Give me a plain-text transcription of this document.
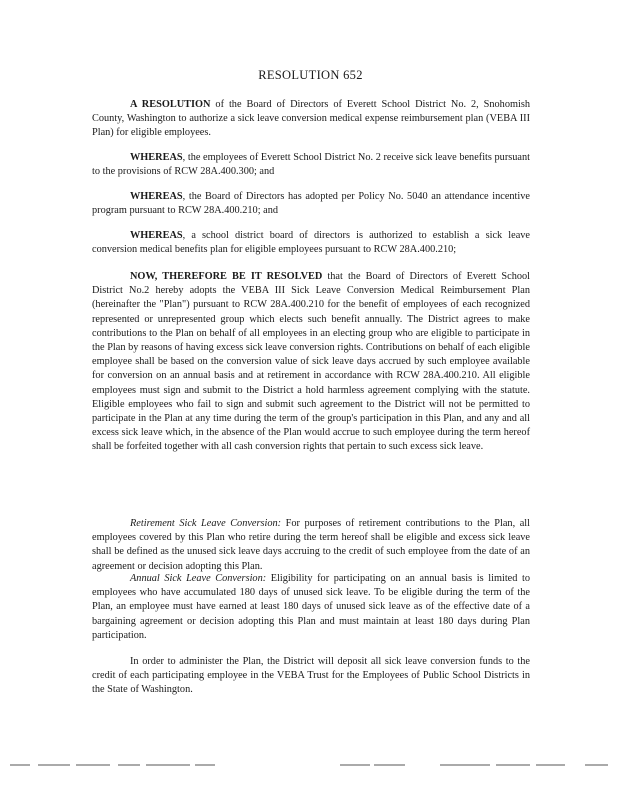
RESOLUTION 652

A RESOLUTION of the Board of Directors of Everett School District No. 2, Snohomish County, Washington to authorize a sick leave conversion medical expense reimbursement plan (VEBA III Plan) for eligible employees.

WHEREAS, the employees of Everett School District No. 2 receive sick leave benefits pursuant to the provisions of RCW 28A.400.300; and

WHEREAS, the Board of Directors has adopted per Policy No. 5040 an attendance incentive program pursuant to RCW 28A.400.210; and

WHEREAS, a school district board of directors is authorized to establish a sick leave conversion medical benefits plan for eligible employees pursuant to RCW 28A.400.210;

NOW, THEREFORE BE IT RESOLVED that the Board of Directors of Everett School District No.2 hereby adopts the VEBA III Sick Leave Conversion Medical Reimbursement Plan (hereinafter the "Plan") pursuant to RCW 28A.400.210 for the benefit of employees of each recognized represented or unrepresented group which elects such benefit annually. The District agrees to make contributions to the Plan on behalf of all employees in an electing group who are eligible to participate in the Plan by reasons of having excess sick leave conversion rights. Contributions on behalf of each eligible employee shall be based on the conversion value of sick leave days accrued by such employee available for conversion on an annual basis and at retirement in accordance with RCW 28A.400.210. All eligible employees must sign and submit to the District a hold harmless agreement complying with the statute. Eligible employees who fail to sign and submit such agreement to the District will not be permitted to participate in the Plan at any time during the term of the group's participation in this Plan, and any and all excess sick leave which, in the absence of the Plan would accrue to such employee during the term hereof shall be forfeited together with all cash conversion rights that pertain to such excess sick leave.

Retirement Sick Leave Conversion: For purposes of retirement contributions to the Plan, all employees covered by this Plan who retire during the term hereof shall be eligible and excess sick leave shall be defined as the unused sick leave days accruing to the credit of such employee from the date of an agreement or decision adopting this Plan.

Annual Sick Leave Conversion: Eligibility for participating on an annual basis is limited to employees who have accumulated 180 days of unused sick leave. To be eligible during the term of the Plan, an employee must have earned at least 180 days of unused sick leave as of the effective date of a bargaining agreement or decision adopting this Plan and must maintain at least 180 days during Plan participation.

In order to administer the Plan, the District will deposit all sick leave conversion funds to the credit of each participating employee in the VEBA Trust for the Employees of Public School Districts in the State of Washington.
